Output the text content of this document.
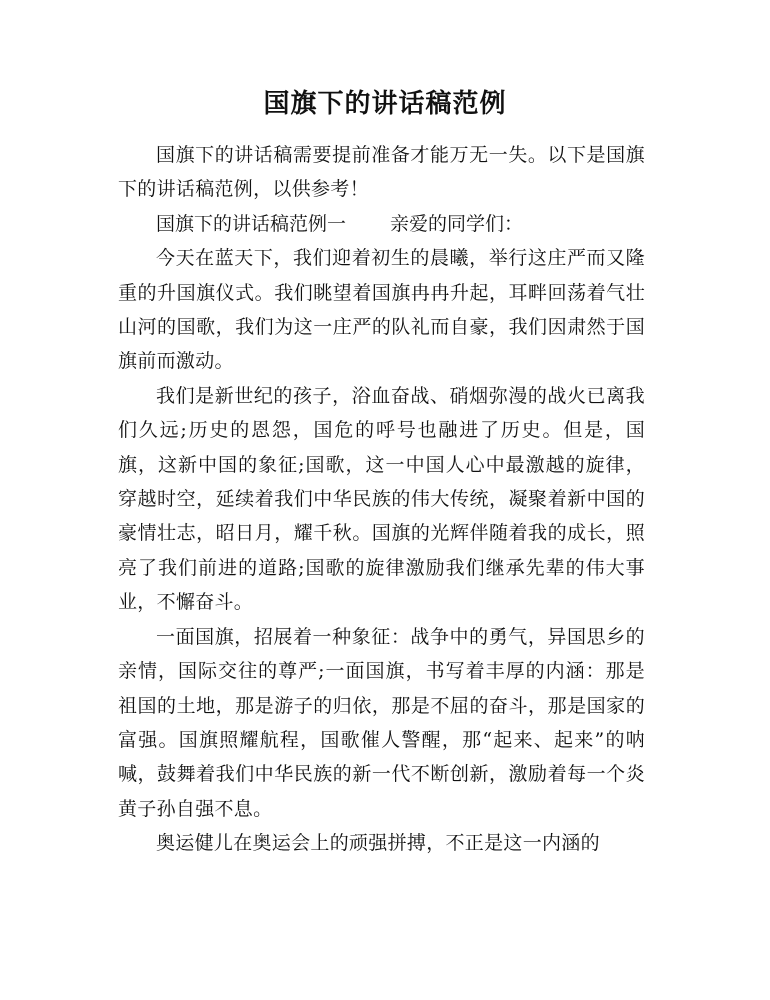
国旗下的讲话稿范例

国旗下的讲话稿需要提前准备才能万无一失。以下是国旗下的讲话稿范例，以供参考！

国旗下的讲话稿范例一 亲爱的同学们：

今天在蓝天下，我们迎着初生的晨曦，举行这庄严而又隆重的升国旗仪式。我们眺望着国旗冉冉升起，耳畔回荡着气壮山河的国歌，我们为这一庄严的队礼而自豪，我们因肃然于国旗前而激动。

我们是新世纪的孩子，浴血奋战、硝烟弥漫的战火已离我们久远;历史的恩怨，国危的呼号也融进了历史。但是，国旗，这新中国的象征;国歌，这一中国人心中最激越的旋律，穿越时空，延续着我们中华民族的伟大传统，凝聚着新中国的豪情壮志，昭日月，耀千秋。国旗的光辉伴随着我的成长，照亮了我们前进的道路;国歌的旋律激励我们继承先辈的伟大事业，不懈奋斗。

一面国旗，招展着一种象征：战争中的勇气，异国思乡的亲情，国际交往的尊严;一面国旗，书写着丰厚的内涵：那是祖国的土地，那是游子的归依，那是不屈的奋斗，那是国家的富强。国旗照耀航程，国歌催人警醒，那“起来、起来”的呐喊，鼓舞着我们中华民族的新一代不断创新，激励着每一个炎黄子孙自强不息。

奥运健儿在奥运会上的顽强拼搏，不正是这一内涵的
